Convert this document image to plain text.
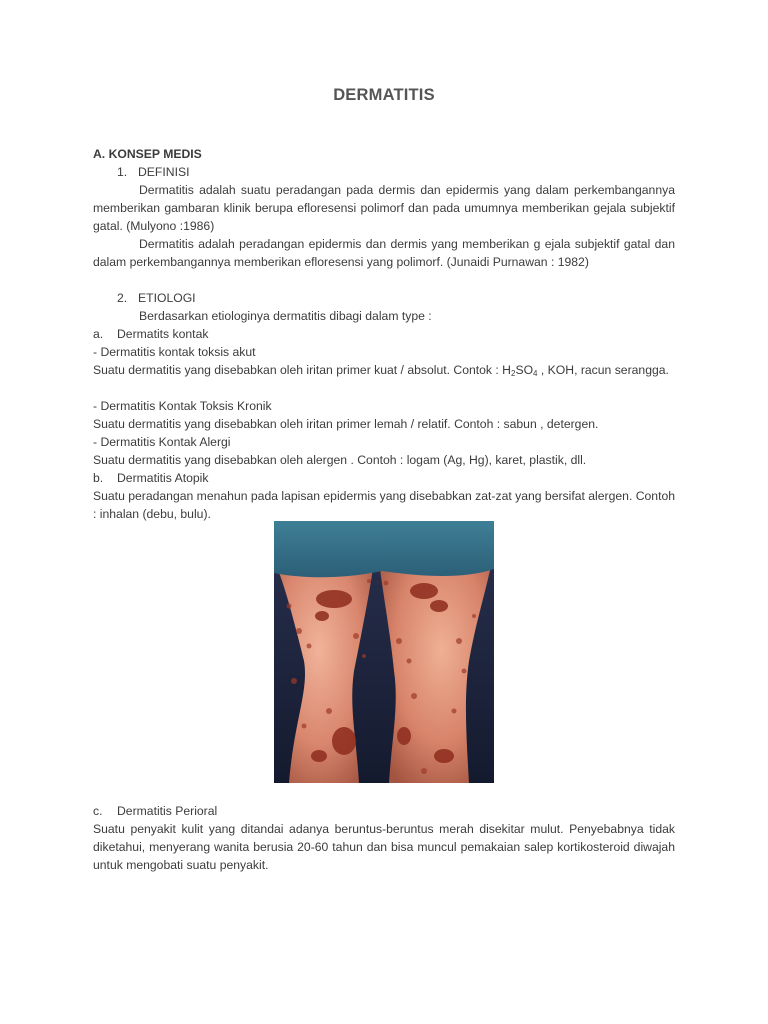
DERMATITIS
A. KONSEP MEDIS
1. DEFINISI
Dermatitis adalah suatu peradangan pada dermis dan epidermis yang dalam perkembangannya memberikan gambaran klinik berupa efloresensi polimorf dan pada umumnya memberikan gejala subjektif gatal. (Mulyono :1986)
Dermatitis adalah peradangan epidermis dan dermis yang memberikan g ejala subjektif gatal dan dalam perkembangannya memberikan efloresensi yang polimorf. (Junaidi Purnawan : 1982)
2. ETIOLOGI
Berdasarkan etiologinya dermatitis dibagi dalam type :
a. Dermatits kontak
- Dermatitis kontak toksis akut
Suatu dermatitis yang disebabkan oleh iritan primer kuat / absolut. Contok : $H_2SO_4$ , KOH, racun serangga.
- Dermatitis Kontak Toksis Kronik
Suatu dermatitis yang disebabkan oleh iritan primer lemah / relatif. Contoh : sabun , detergen.
- Dermatitis Kontak Alergi
Suatu dermatitis yang disebabkan oleh alergen . Contoh : logam (Ag, Hg), karet, plastik, dll.
b. Dermatitis Atopik
Suatu peradangan menahun pada lapisan epidermis yang disebabkan zat-zat yang bersifat alergen. Contoh : inhalan (debu, bulu).
c. Dermatitis Perioral
Suatu penyakit kulit yang ditandai adanya beruntus-beruntus merah disekitar mulut. Penyebabnya tidak diketahui, menyerang wanita berusia 20-60 tahun dan bisa muncul pemakaian salep kortikosteroid diwajah untuk mengobati suatu penyakit.
